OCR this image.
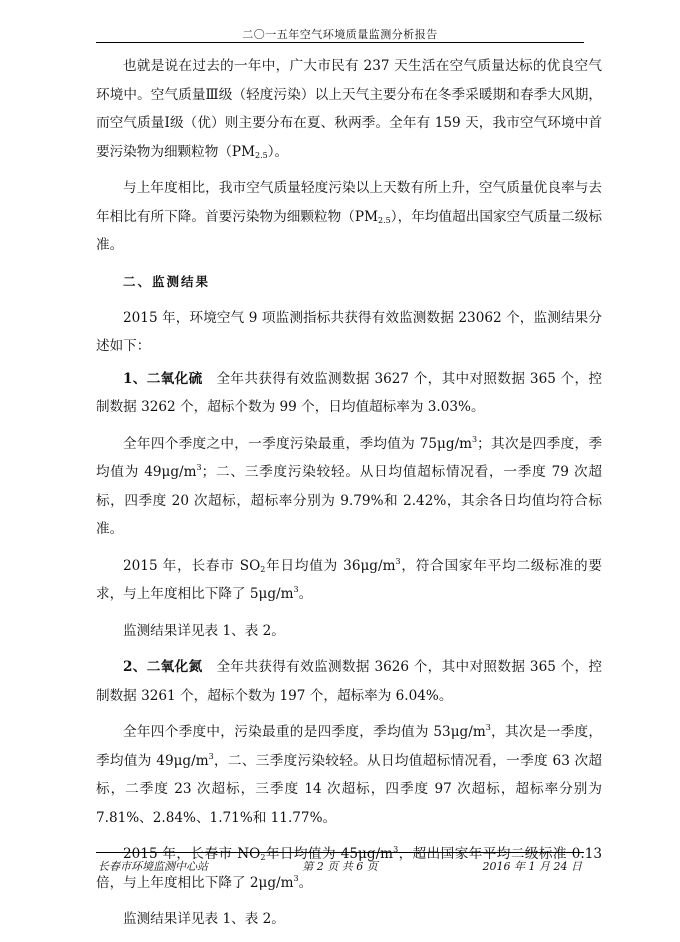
二〇一五年空气环境质量监测分析报告

也就是说在过去的一年中，广大市民有 237 天生活在空气质量达标的优良空气环境中。空气质量Ⅲ级（轻度污染）以上天气主要分布在冬季采暖期和春季大风期，而空气质量Ⅰ级（优）则主要分布在夏、秋两季。全年有 159 天，我市空气环境中首要污染物为细颗粒物$(PM_{2.5})$。

与上年度相比，我市空气质量轻度污染以上天数有所上升，空气质量优良率与去年相比有所下降。首要污染物为细颗粒物$(PM_{2.5})$，年均值超出国家空气质量二级标准。

二、监测结果

2015 年，环境空气 9 项监测指标共获得有效监测数据 23062 个，监测结果分述如下：

1、二氧化硫　 全年共获得有效监测数据 3627 个，其中对照数据 365 个，控制数据 3262 个，超标个数为 99 个，日均值超标率为 3.03%。

全年四个季度之中，一季度污染最重，季均值为 $75\mu g/m^3$；其次是四季度，季均值为 $49\mu g/m^3$；二、三季度污染较轻。从日均值超标情况看，一季度 79 次超标，四季度 20 次超标，超标率分别为 9.79%和 2.42%，其余各日均值均符合标准。

2015 年，长春市 $SO_2$年日均值为 $36\mu g/m^3$，符合国家年平均二级标准的要求，与上年度相比下降了 $5\mu g/m^3$。

监测结果详见表 1、表 2。

2、二氧化氮　 全年共获得有效监测数据 3626 个，其中对照数据 365 个，控制数据 3261 个，超标个数为 197 个，超标率为 6.04%。

全年四个季度中，污染最重的是四季度，季均值为 $53\mu g/m^3$，其次是一季度，季均值为 $49\mu g/m^3$，二、三季度污染较轻。从日均值超标情况看，一季度 63 次超标，二季度 23 次超标，三季度 14 次超标，四季度 97 次超标，超标率分别为 7.81%、2.84%、1.71%和 11.77%。

2015 年，长春市 $NO_2$年日均值为 $45\mu g/m^3$，超出国家年平均二级标准 0.13 倍，与上年度相比下降了 $2\mu g/m^3$。

监测结果详见表 1、表 2。

长春市环境监测中心站	第 2 页 共 6 页	2016 年 1 月 24 日
